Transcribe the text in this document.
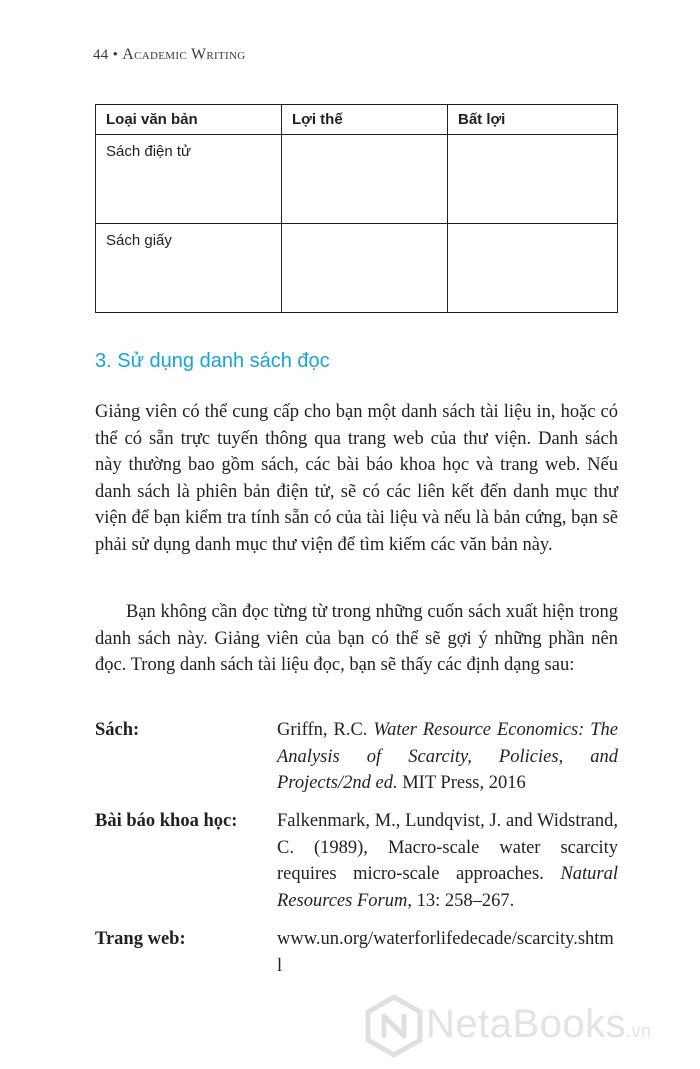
44 • Academic Writing
Loại văn bản	Lợi thế	Bất lợi
Sách điện tử		
Sách giấy		
3. Sử dụng danh sách đọc
Giảng viên có thể cung cấp cho bạn một danh sách tài liệu in, hoặc có thể có sẵn trực tuyến thông qua trang web của thư viện. Danh sách này thường bao gồm sách, các bài báo khoa học và trang web. Nếu danh sách là phiên bản điện tử, sẽ có các liên kết đến danh mục thư viện để bạn kiểm tra tính sẵn có của tài liệu và nếu là bản cứng, bạn sẽ phải sử dụng danh mục thư viện để tìm kiếm các văn bản này.
Bạn không cần đọc từng từ trong những cuốn sách xuất hiện trong danh sách này. Giảng viên của bạn có thể sẽ gợi ý những phần nên đọc. Trong danh sách tài liệu đọc, bạn sẽ thấy các định dạng sau:
Sách:	Griffn, R.C. Water Resource Economics: The Analysis of Scarcity, Policies, and Projects/2nd ed. MIT Press, 2016
Bài báo khoa học: Falkenmark, M., Lundqvist, J. and Widstrand, C. (1989), Macro-scale water scarcity requires micro-scale approaches. Natural Resources Forum, 13: 258–267.
Trang web:	www.un.org/waterforlifedecade/scarcity.shtml
NetaBooks.vn
